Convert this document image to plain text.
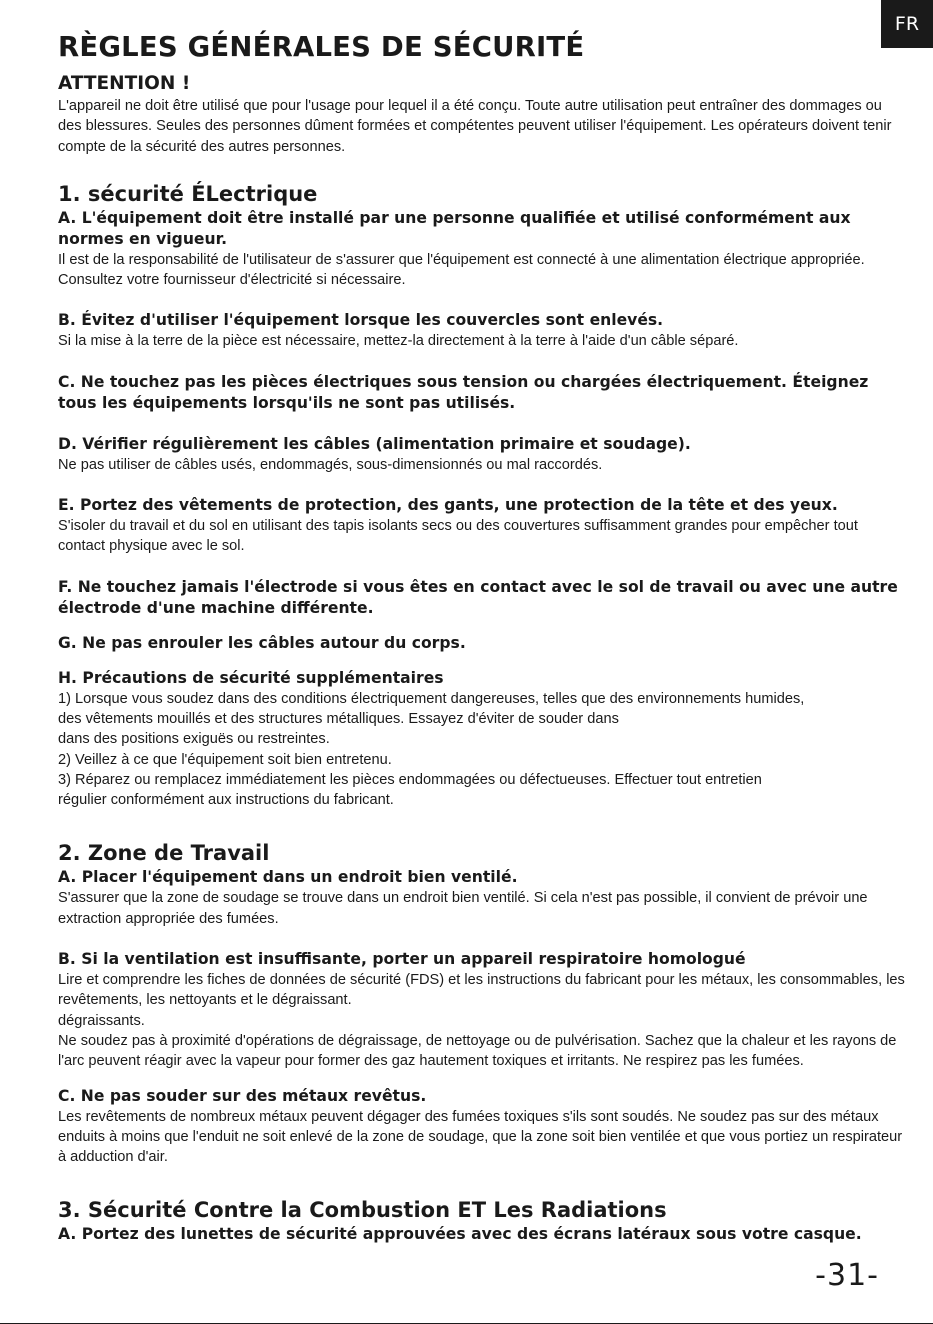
FR
RÈGLES GÉNÉRALES DE SÉCURITÉ
ATTENTION !

L'appareil ne doit être utilisé que pour l'usage pour lequel il a été conçu. Toute autre utilisation peut entraîner des dommages ou des blessures. Seules des personnes dûment formées et compétentes peuvent utiliser l'équipement. Les opérateurs doivent tenir compte de la sécurité des autres personnes.

1. sécurité ÉLectrique
A. L'équipement doit être installé par une personne qualifiée et utilisé conformément aux normes en vigueur.

Il est de la responsabilité de l'utilisateur de s'assurer que l'équipement est connecté à une alimentation électrique appropriée. Consultez votre fournisseur d'électricité si nécessaire.

B. Évitez d'utiliser l'équipement lorsque les couvercles sont enlevés.

Si la mise à la terre de la pièce est nécessaire, mettez-la directement à la terre à l'aide d'un câble séparé.

C. Ne touchez pas les pièces électriques sous tension ou chargées électriquement. Éteignez tous les équipements lorsqu'ils ne sont pas utilisés.
D. Vérifier régulièrement les câbles (alimentation primaire et soudage).

Ne pas utiliser de câbles usés, endommagés, sous-dimensionnés ou mal raccordés.

E. Portez des vêtements de protection, des gants, une protection de la tête et des yeux.

S'isoler du travail et du sol en utilisant des tapis isolants secs ou des couvertures suffisamment grandes pour empêcher tout contact physique avec le sol.

F. Ne touchez jamais l'électrode si vous êtes en contact avec le sol de travail ou avec une autre électrode d'une machine différente.
G. Ne pas enrouler les câbles autour du corps.
H. Précautions de sécurité supplémentaires

1) Lorsque vous soudez dans des conditions électriquement dangereuses, telles que des environnements humides,

des vêtements mouillés et des structures métalliques. Essayez d'éviter de souder dans

dans des positions exiguës ou restreintes.

2) Veillez à ce que l'équipement soit bien entretenu.

3) Réparez ou remplacez immédiatement les pièces endommagées ou défectueuses. Effectuer tout entretien

régulier conformément aux instructions du fabricant.

2. Zone de Travail
A. Placer l'équipement dans un endroit bien ventilé.

S'assurer que la zone de soudage se trouve dans un endroit bien ventilé. Si cela n'est pas possible, il convient de prévoir une extraction appropriée des fumées.

B. Si la ventilation est insuffisante, porter un appareil respiratoire homologué

Lire et comprendre les fiches de données de sécurité (FDS) et les instructions du fabricant pour les métaux, les consommables, les revêtements, les nettoyants et le dégraissant.

dégraissants.

Ne soudez pas à proximité d'opérations de dégraissage, de nettoyage ou de pulvérisation. Sachez que la chaleur et les rayons de l'arc peuvent réagir avec la vapeur pour former des gaz hautement toxiques et irritants. Ne respirez pas les fumées.

C. Ne pas souder sur des métaux revêtus.

Les revêtements de nombreux métaux peuvent dégager des fumées toxiques s'ils sont soudés. Ne soudez pas sur des métaux enduits à moins que l'enduit ne soit enlevé de la zone de soudage, que la zone soit bien ventilée et que vous portiez un respirateur à adduction d'air.

3. Sécurité Contre la Combustion ET Les Radiations
A. Portez des lunettes de sécurité approuvées avec des écrans latéraux sous votre casque.
-31-
